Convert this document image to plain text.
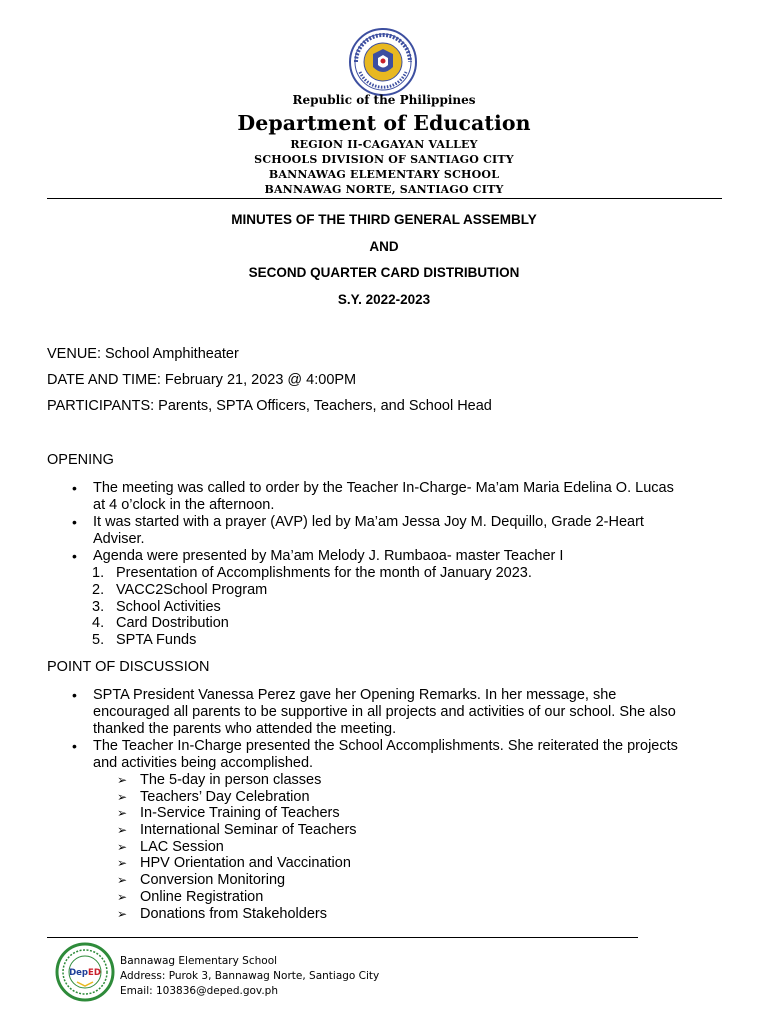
Republic of the Philippines
Department of Education
REGION II-CAGAYAN VALLEY
SCHOOLS DIVISION OF SANTIAGO CITY
BANNAWAG ELEMENTARY SCHOOL
BANNAWAG NORTE, SANTIAGO CITY
MINUTES OF THE THIRD GENERAL ASSEMBLY
AND
SECOND QUARTER CARD DISTRIBUTION
S.Y. 2022-2023
VENUE: School Amphitheater
DATE AND TIME: February 21, 2023 @ 4:00PM
PARTICIPANTS: Parents, SPTA Officers, Teachers, and School Head
OPENING
• The meeting was called to order by the Teacher In-Charge- Ma’am Maria Edelina O. Lucas
at 4 o’clock in the afternoon.
• It was started with a prayer (AVP) led by Ma’am Jessa Joy M. Dequillo, Grade 2-Heart
Adviser.
• Agenda were presented by Ma’am Melody J. Rumbaoa- master Teacher I
1. Presentation of Accomplishments for the month of January 2023.
2. VACC2School Program
3. School Activities
4. Card Dostribution
5. SPTA Funds
POINT OF DISCUSSION
• SPTA President Vanessa Perez gave her Opening Remarks. In her message, she
encouraged all parents to be supportive in all projects and activities of our school. She also
thanked the parents who attended the meeting.
• The Teacher In-Charge presented the School Accomplishments. She reiterated the projects
and activities being accomplished.
➢ The 5-day in person classes
➢ Teachers’ Day Celebration
➢ In-Service Training of Teachers
➢ International Seminar of Teachers
➢ LAC Session
➢ HPV Orientation and Vaccination
➢ Conversion Monitoring
➢ Online Registration
➢ Donations from Stakeholders
DepED
Bannawag Elementary School
Address: Purok 3, Bannawag Norte, Santiago City
Email: 103836@deped.gov.ph
